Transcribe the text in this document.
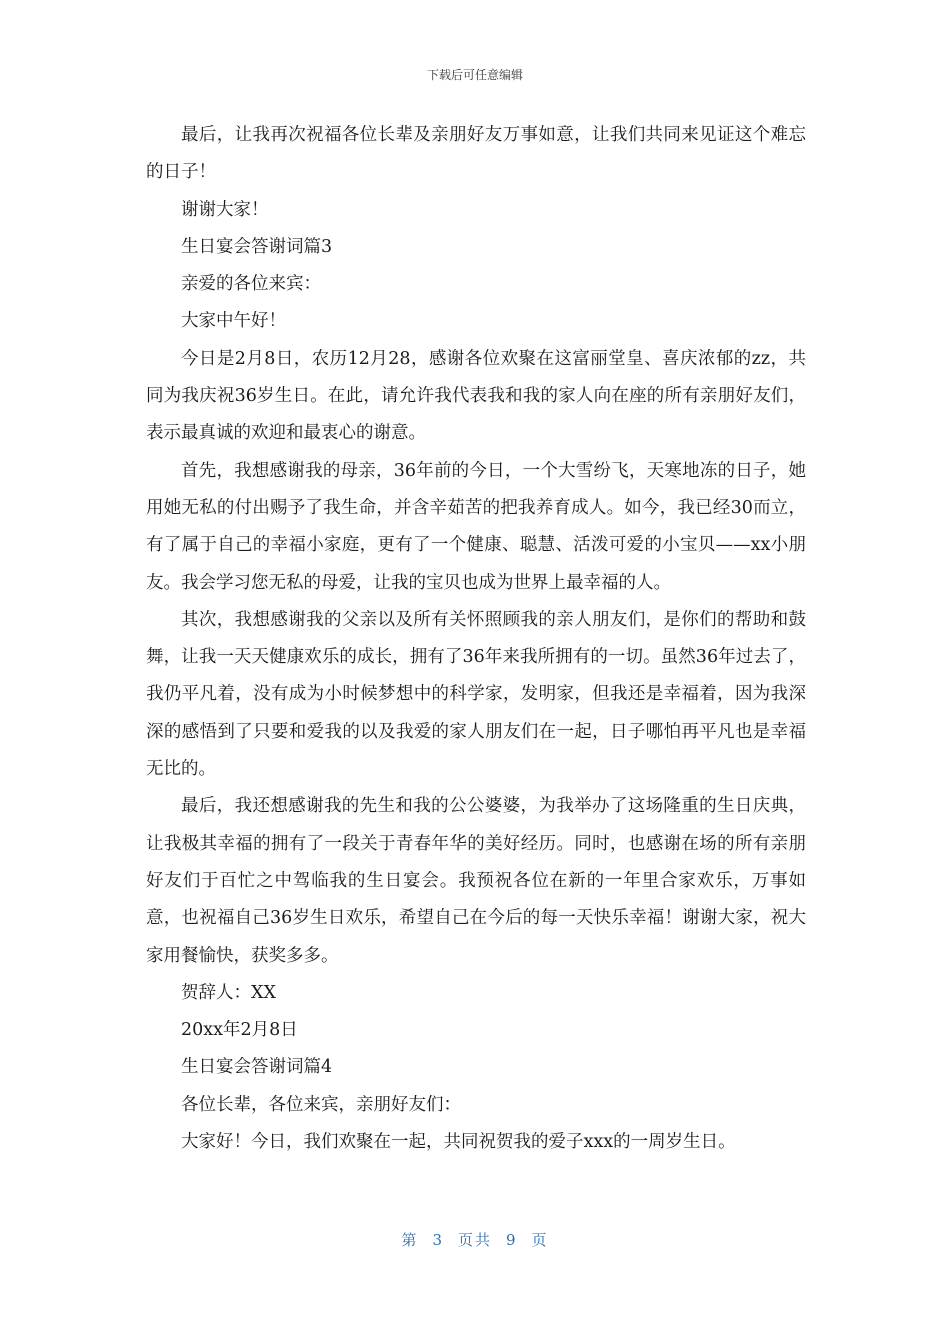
下载后可任意编辑

最后，让我再次祝福各位长辈及亲朋好友万事如意，让我们共同来见证这个难忘的日子！

谢谢大家！

生日宴会答谢词篇3

亲爱的各位来宾：

大家中午好！

今日是2月8日，农历12月28，感谢各位欢聚在这富丽堂皇、喜庆浓郁的zz，共同为我庆祝36岁生日。在此，请允许我代表我和我的家人向在座的所有亲朋好友们，表示最真诚的欢迎和最衷心的谢意。

首先，我想感谢我的母亲，36年前的今日，一个大雪纷飞，天寒地冻的日子，她用她无私的付出赐予了我生命，并含辛茹苦的把我养育成人。如今，我已经30而立，有了属于自己的幸福小家庭，更有了一个健康、聪慧、活泼可爱的小宝贝——xx小朋友。我会学习您无私的母爱，让我的宝贝也成为世界上最幸福的人。

其次，我想感谢我的父亲以及所有关怀照顾我的亲人朋友们，是你们的帮助和鼓舞，让我一天天健康欢乐的成长，拥有了36年来我所拥有的一切。虽然36年过去了，我仍平凡着，没有成为小时候梦想中的科学家，发明家，但我还是幸福着，因为我深深的感悟到了只要和爱我的以及我爱的家人朋友们在一起，日子哪怕再平凡也是幸福无比的。

最后，我还想感谢我的先生和我的公公婆婆，为我举办了这场隆重的生日庆典，让我极其幸福的拥有了一段关于青春年华的美好经历。同时，也感谢在场的所有亲朋好友们于百忙之中驾临我的生日宴会。我预祝各位在新的一年里合家欢乐，万事如意，也祝福自己36岁生日欢乐，希望自己在今后的每一天快乐幸福！谢谢大家，祝大家用餐愉快，获奖多多。

贺辞人：XX

20xx年2月8日

生日宴会答谢词篇4

各位长辈，各位来宾，亲朋好友们：

大家好！今日，我们欢聚在一起，共同祝贺我的爱子xxx的一周岁生日。

第 3 页共 9 页
